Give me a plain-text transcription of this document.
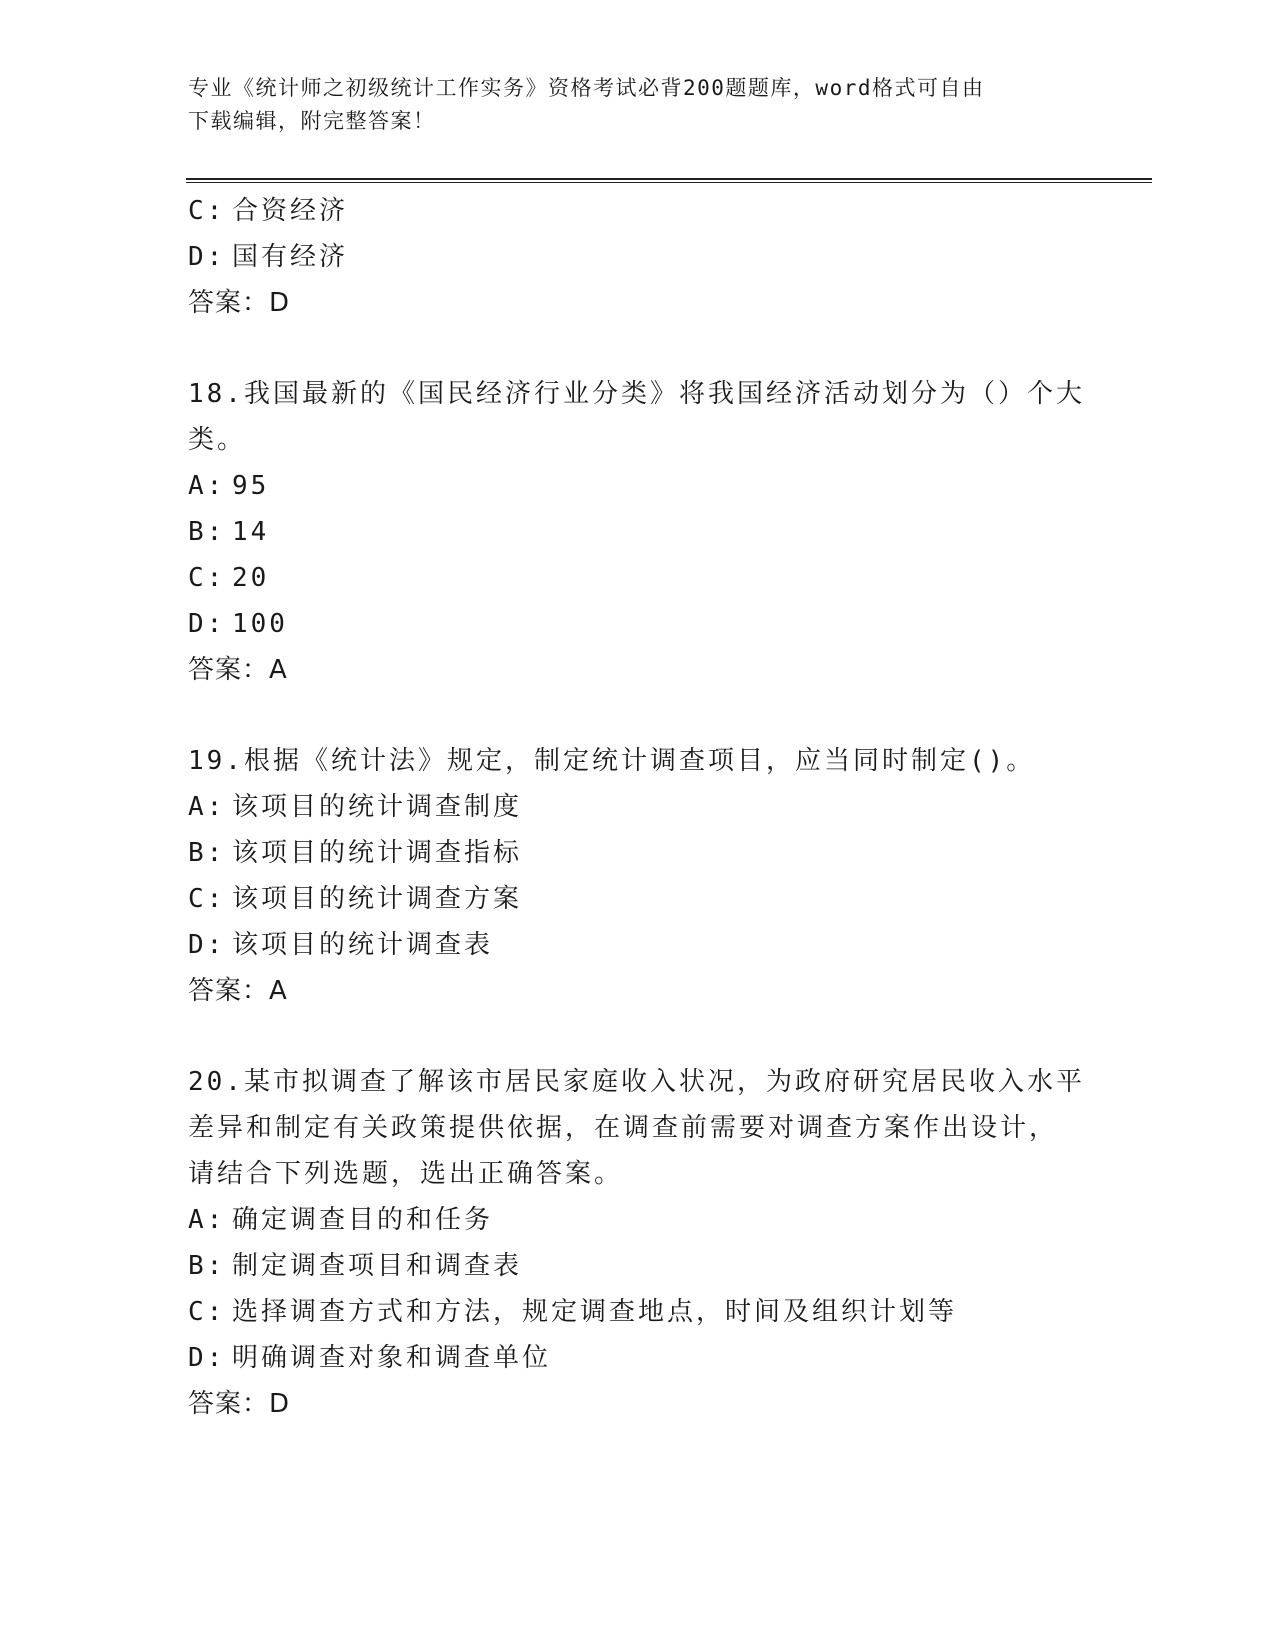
专业《统计师之初级统计工作实务》资格考试必背200题题库，word格式可自由
下载编辑，附完整答案！
C: 合资经济
D: 国有经济
答案：D
18.我国最新的《国民经济行业分类》将我国经济活动划分为（）个大
类。
A: 95
B: 14
C: 20
D: 100
答案：A
19.根据《统计法》规定，制定统计调查项目，应当同时制定()。
A: 该项目的统计调查制度
B: 该项目的统计调查指标
C: 该项目的统计调查方案
D: 该项目的统计调查表
答案：A
20.某市拟调查了解该市居民家庭收入状况，为政府研究居民收入水平
差异和制定有关政策提供依据，在调查前需要对调查方案作出设计，
请结合下列选题，选出正确答案。
A: 确定调查目的和任务
B: 制定调查项目和调查表
C: 选择调查方式和方法，规定调查地点，时间及组织计划等
D: 明确调查对象和调查单位
答案：D
